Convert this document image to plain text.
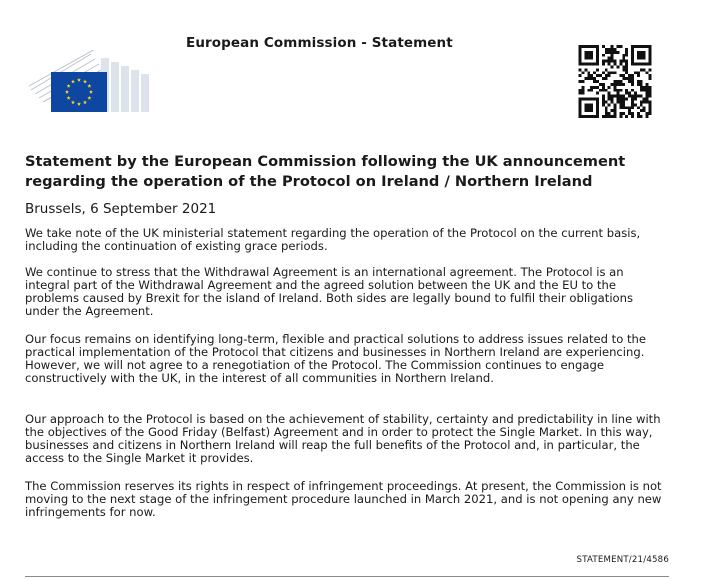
European Commission - Statement
Statement by the European Commission following the UK announcement regarding the operation of the Protocol on Ireland / Northern Ireland
Brussels, 6 September 2021

We take note of the UK ministerial statement regarding the operation of the Protocol on the current basis, including the continuation of existing grace periods.

We continue to stress that the Withdrawal Agreement is an international agreement. The Protocol is an integral part of the Withdrawal Agreement and the agreed solution between the UK and the EU to the problems caused by Brexit for the island of Ireland. Both sides are legally bound to fulfil their obligations under the Agreement.

Our focus remains on identifying long-term, flexible and practical solutions to address issues related to the practical implementation of the Protocol that citizens and businesses in Northern Ireland are experiencing. However, we will not agree to a renegotiation of the Protocol. The Commission continues to engage constructively with the UK, in the interest of all communities in Northern Ireland.

Our approach to the Protocol is based on the achievement of stability, certainty and predictability in line with the objectives of the Good Friday (Belfast) Agreement and in order to protect the Single Market. In this way, businesses and citizens in Northern Ireland will reap the full benefits of the Protocol and, in particular, the access to the Single Market it provides.

The Commission reserves its rights in respect of infringement proceedings. At present, the Commission is not moving to the next stage of the infringement procedure launched in March 2021, and is not opening any new infringements for now.

STATEMENT/21/4586
